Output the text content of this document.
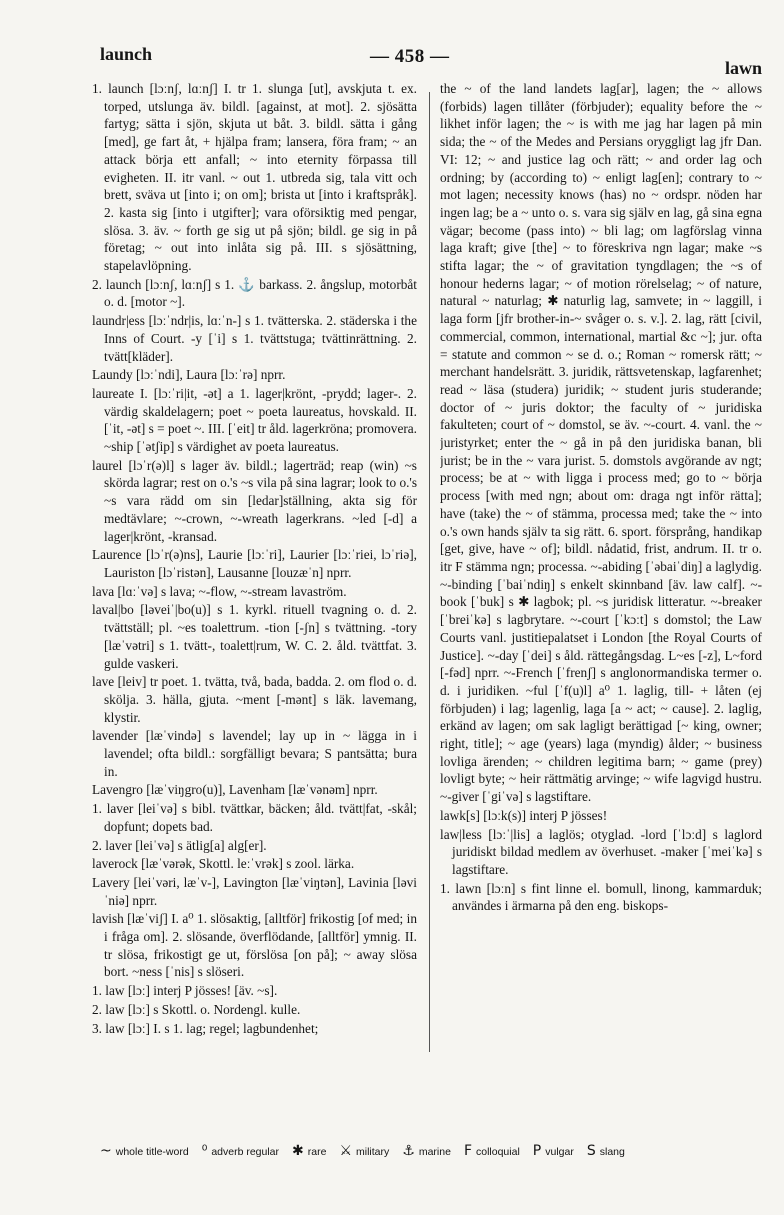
launch	— 458 —
lawn

1. launch [lɔːnʃ, lɑːnʃ] I. tr 1. slunga [ut], avskjuta t. ex. torped, utslunga äv. bildl. [against, at mot]. 2. sjösätta fartyg; sätta i sjön, skjuta ut båt. 3. bildl. sätta i gång [med], ge fart åt, + hjälpa fram; lansera, föra fram; ~ an attack börja ett anfall; ~ into eternity förpassa till evigheten. II. itr vanl. ~ out 1. utbreda sig, tala vitt och brett, sväva ut [into i; on om]; brista ut [into i kraftspråk]. 2. kasta sig [into i utgifter]; vara oförsiktig med pengar, slösa. 3. äv. ~ forth ge sig ut på sjön; bildl. ge sig in på företag; ~ out into inlåta sig på. III. s sjösättning, stapelavlöpning.

2. launch [lɔːnʃ, lɑːnʃ] s 1. ⚓ barkass. 2. ångslup, motorbåt o. d. [motor ~].

laundr|ess [lɔːˈndr|is, lɑːˈn-] s 1. tvätterska. 2. städerska i the Inns of Court. -y [ˈi] s 1. tvättstuga; tvättinrättning. 2. tvätt[kläder].

Laundy [lɔːˈndi], Laura [lɔːˈrə] nprr.

laureate I. [lɔːˈri|it, -ət] a 1. lager|krönt, -prydd; lager-. 2. värdig skaldelagern; poet ~ poeta laureatus, hovskald. II. [ˈit, -ət] s = poet ~. III. [ˈeit] tr åld. lagerkröna; promovera. ~ship [ˈətʃip] s värdighet av poeta laureatus.

laurel [lɔˈr(ə)l] s lager äv. bildl.; lagerträd; reap (win) ~s skörda lagrar; rest on o.'s ~s vila på sina lagrar; look to o.'s ~s vara rädd om sin [ledar]ställning, akta sig för medtävlare; ~-crown, ~-wreath lagerkrans. ~led [-d] a lager|krönt, -kransad.

Laurence [lɔˈr(ə)ns], Laurie [lɔːˈri], Laurier [lɔːˈriei, lɔˈriə], Lauriston [lɔˈristən], Lausanne [louzæˈn] nprr.

lava [lɑːˈvə] s lava; ~-flow, ~-stream lavaström.

laval|bo [ləveiˈ|bo(u)] s 1. kyrkl. rituell tvagning o. d. 2. tvättställ; pl. ~es toalettrum. -tion [-ʃn] s tvättning. -tory [læˈvətri] s 1. tvätt-, toalett|rum, W. C. 2. åld. tvättfat. 3. gulde vaskeri.

lave [leiv] tr poet. 1. tvätta, två, bada, badda. 2. om flod o. d. skölja. 3. hälla, gjuta. ~ment [-mənt] s läk. lavemang, klystir.

lavender [læˈvində] s lavendel; lay up in ~ lägga in i lavendel; ofta bildl.: sorgfälligt bevara; S pantsätta; bura in.

Lavengro [læˈviŋgro(u)], Lavenham [læˈvənəm] nprr.

1. laver [leiˈvə] s bibl. tvättkar, bäcken; åld. tvätt|fat, -skål; dopfunt; dopets bad.

2. laver [leiˈvə] s ätlig[a] alg[er].

laverock [læˈvərək, Skottl. leːˈvrək] s zool. lärka.

Lavery [leiˈvəri, læˈv-], Lavington [læˈviŋtən], Lavinia [ləviˈniə] nprr.

lavish [læˈviʃ] I. a⁰ 1. slösaktig, [alltför] frikostig [of med; in i fråga om]. 2. slösande, överflödande, [alltför] ymnig. II. tr slösa, frikostigt ge ut, förslösa [on på]; ~ away slösa bort. ~ness [ˈnis] s slöseri.

1. law [lɔː] interj P jösses! [äv. ~s].

2. law [lɔː] s Skottl. o. Nordengl. kulle.

3. law [lɔː] I. s 1. lag; regel; lagbundenhet;

the ~ of the land landets lag[ar], lagen; the ~ allows (forbids) lagen tillåter (förbjuder); equality before the ~ likhet inför lagen; the ~ is with me jag har lagen på min sida; the ~ of the Medes and Persians oryggligt lag jfr Dan. VI: 12; ~ and justice lag och rätt; ~ and order lag och ordning; by (according to) ~ enligt lag[en]; contrary to ~ mot lagen; necessity knows (has) no ~ ordspr. nöden har ingen lag; be a ~ unto o. s. vara sig själv en lag, gå sina egna vägar; become (pass into) ~ bli lag; om lagförslag vinna laga kraft; give [the] ~ to föreskriva ngn lagar; make ~s stifta lagar; the ~ of gravitation tyngdlagen; the ~s of honour hederns lagar; ~ of motion rörelselag; ~ of nature, natural ~ naturlag; ✱ naturlig lag, samvete; in ~ laggill, i laga form [jfr brother-in-~ svåger o. s. v.]. 2. lag, rätt [civil, commercial, common, international, martial &c ~]; jur. ofta = statute and common ~ se d. o.; Roman ~ romersk rätt; ~ merchant handelsrätt. 3. juridik, rättsvetenskap, lagfarenhet; read ~ läsa (studera) juridik; ~ student juris studerande; doctor of ~ juris doktor; the faculty of ~ juridiska fakulteten; court of ~ domstol, se äv. ~-court. 4. vanl. the ~ juristyrket; enter the ~ gå in på den juridiska banan, bli jurist; be in the ~ vara jurist. 5. domstols avgörande av ngt; process; be at ~ with ligga i process med; go to ~ börja process [with med ngn; about om: draga ngt inför rätta]; have (take) the ~ of stämma, processa med; take the ~ into o.'s own hands själv ta sig rätt. 6. sport. försprång, handikap [get, give, have ~ of]; bildl. nådatid, frist, andrum. II. tr o. itr F stämma ngn; processa. ~-abiding [ˈəbaiˈdiŋ] a laglydig. ~-binding [ˈbaiˈndiŋ] s enkelt skinnband [äv. law calf]. ~-book [ˈbuk] s ✱ lagbok; pl. ~s juridisk litteratur. ~-breaker [ˈbreiˈkə] s lagbrytare. ~-court [ˈkɔːt] s domstol; the Law Courts vanl. justitiepalatset i London [the Royal Courts of Justice]. ~-day [ˈdei] s åld. rättegångsdag. L~es [-z], L~ford [-fəd] nprr. ~-French [ˈfrenʃ] s anglonormandiska termer o. d. i juridiken. ~ful [ˈf(u)l] a⁰ 1. laglig, till- + låten (ej förbjuden) i lag; lagenlig, laga [a ~ act; ~ cause]. 2. laglig, erkänd av lagen; om sak lagligt berättigad [~ king, owner; right, title]; ~ age (years) laga (myndig) ålder; ~ business lovliga ärenden; ~ children legitima barn; ~ game (prey) lovligt byte; ~ heir rättmätig arvinge; ~ wife lagvigd hustru. ~-giver [ˈgiˈvə] s lagstiftare.

lawk[s] [lɔːk(s)] interj P jösses!

law|less [lɔːˈ|lis] a laglös; otyglad. -lord [ˈlɔːd] s laglord juridiskt bildad medlem av överhuset. -maker [ˈmeiˈkə] s lagstiftare.

1. lawn [lɔːn] s fint linne el. bomull, linong, kammarduk; användes i ärmarna på den eng. biskops-

~ whole title-word ⁰ adverb regular ✱ rare ⚔ military ⚓ marine F colloquial P vulgar S slang
